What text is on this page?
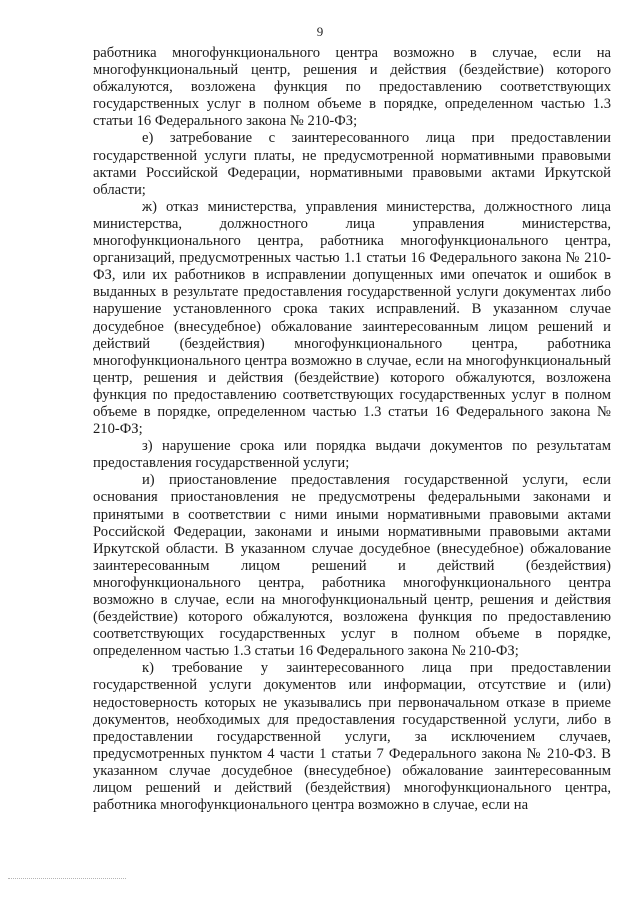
9

работника многофункционального центра возможно в случае, если на многофункциональный центр, решения и действия (бездействие) которого обжалуются, возложена функция по предоставлению соответствующих государственных услуг в полном объеме в порядке, определенном частью 1.3 статьи 16 Федерального закона № 210-ФЗ;

е) затребование с заинтересованного лица при предоставлении государственной услуги платы, не предусмотренной нормативными правовыми актами Российской Федерации, нормативными правовыми актами Иркутской области;

ж) отказ министерства, управления министерства, должностного лица министерства, должностного лица управления министерства, многофункционального центра, работника многофункционального центра, организаций, предусмотренных частью 1.1 статьи 16 Федерального закона № 210-ФЗ, или их работников в исправлении допущенных ими опечаток и ошибок в выданных в результате предоставления государственной услуги документах либо нарушение установленного срока таких исправлений. В указанном случае досудебное (внесудебное) обжалование заинтересованным лицом решений и действий (бездействия) многофункционального центра, работника многофункционального центра возможно в случае, если на многофункциональный центр, решения и действия (бездействие) которого обжалуются, возложена функция по предоставлению соответствующих государственных услуг в полном объеме в порядке, определенном частью 1.3 статьи 16 Федерального закона № 210-ФЗ;

з) нарушение срока или порядка выдачи документов по результатам предоставления государственной услуги;

и) приостановление предоставления государственной услуги, если основания приостановления не предусмотрены федеральными законами и принятыми в соответствии с ними иными нормативными правовыми актами Российской Федерации, законами и иными нормативными правовыми актами Иркутской области. В указанном случае досудебное (внесудебное) обжалование заинтересованным лицом решений и действий (бездействия) многофункционального центра, работника многофункционального центра возможно в случае, если на многофункциональный центр, решения и действия (бездействие) которого обжалуются, возложена функция по предоставлению соответствующих государственных услуг в полном объеме в порядке, определенном частью 1.3 статьи 16 Федерального закона № 210-ФЗ;

к) требование у заинтересованного лица при предоставлении государственной услуги документов или информации, отсутствие и (или) недостоверность которых не указывались при первоначальном отказе в приеме документов, необходимых для предоставления государственной услуги, либо в предоставлении государственной услуги, за исключением случаев, предусмотренных пунктом 4 части 1 статьи 7 Федерального закона № 210-ФЗ. В указанном случае досудебное (внесудебное) обжалование заинтересованным лицом решений и действий (бездействия) многофункционального центра, работника многофункционального центра возможно в случае, если на
